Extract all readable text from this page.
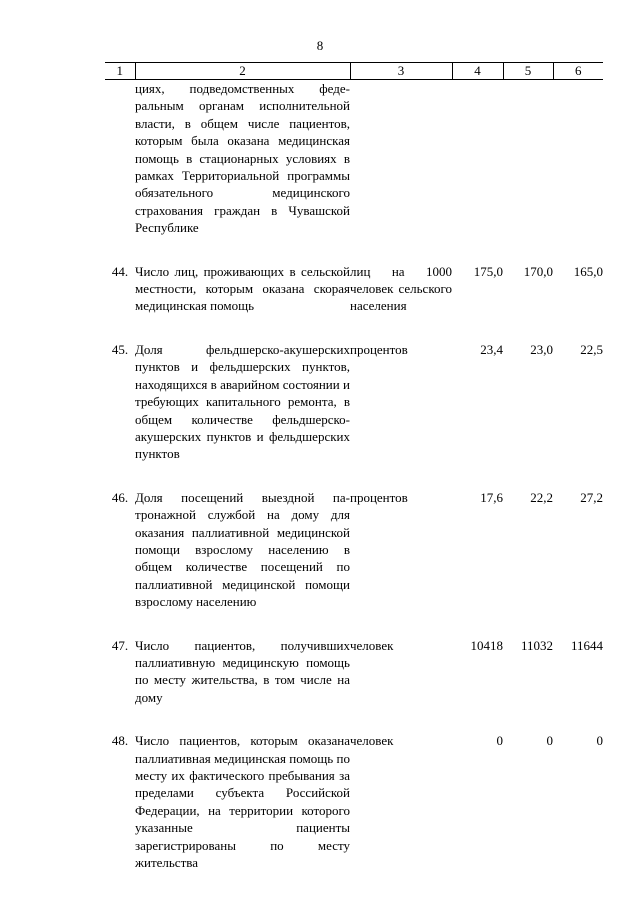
8
1	2	3	4	5	6
	циях, подведомственных федеральным органам исполнительной власти, в общем числе пациентов, которым была оказана медицинская помощь в стационарных условиях в рамках Территориальной программы обязательного медицинского страхования граждан в Чувашской Республике				

44.	Число лиц, проживающих в сельской местности, которым оказана скорая медицинская помощь	лиц на 1000 человек сельского населения	175,0	170,0	165,0

45.	Доля фельдшерско-акушерских пунктов и фельдшерских пунктов, находящихся в аварийном состоянии и требующих капитального ремонта, в общем количестве фельдшерско-акушерских пунктов и фельдшерских пунктов	процентов	23,4	23,0	22,5

46.	Доля посещений выездной патронажной службой на дому для оказания паллиативной медицинской помощи взрослому населению в общем количестве посещений по паллиативной медицинской помощи взрослому населению	процентов	17,6	22,2	27,2

47.	Число пациентов, получивших паллиативную медицинскую помощь по месту жительства, в том числе на дому	человек	10418	11032	11644

48.	Число пациентов, которым оказана паллиативная медицинская помощь по месту их фактического пребывания за пределами субъекта Российской Федерации, на территории которого указанные пациенты зарегистрированы по месту жительства	человек	0	0	0
